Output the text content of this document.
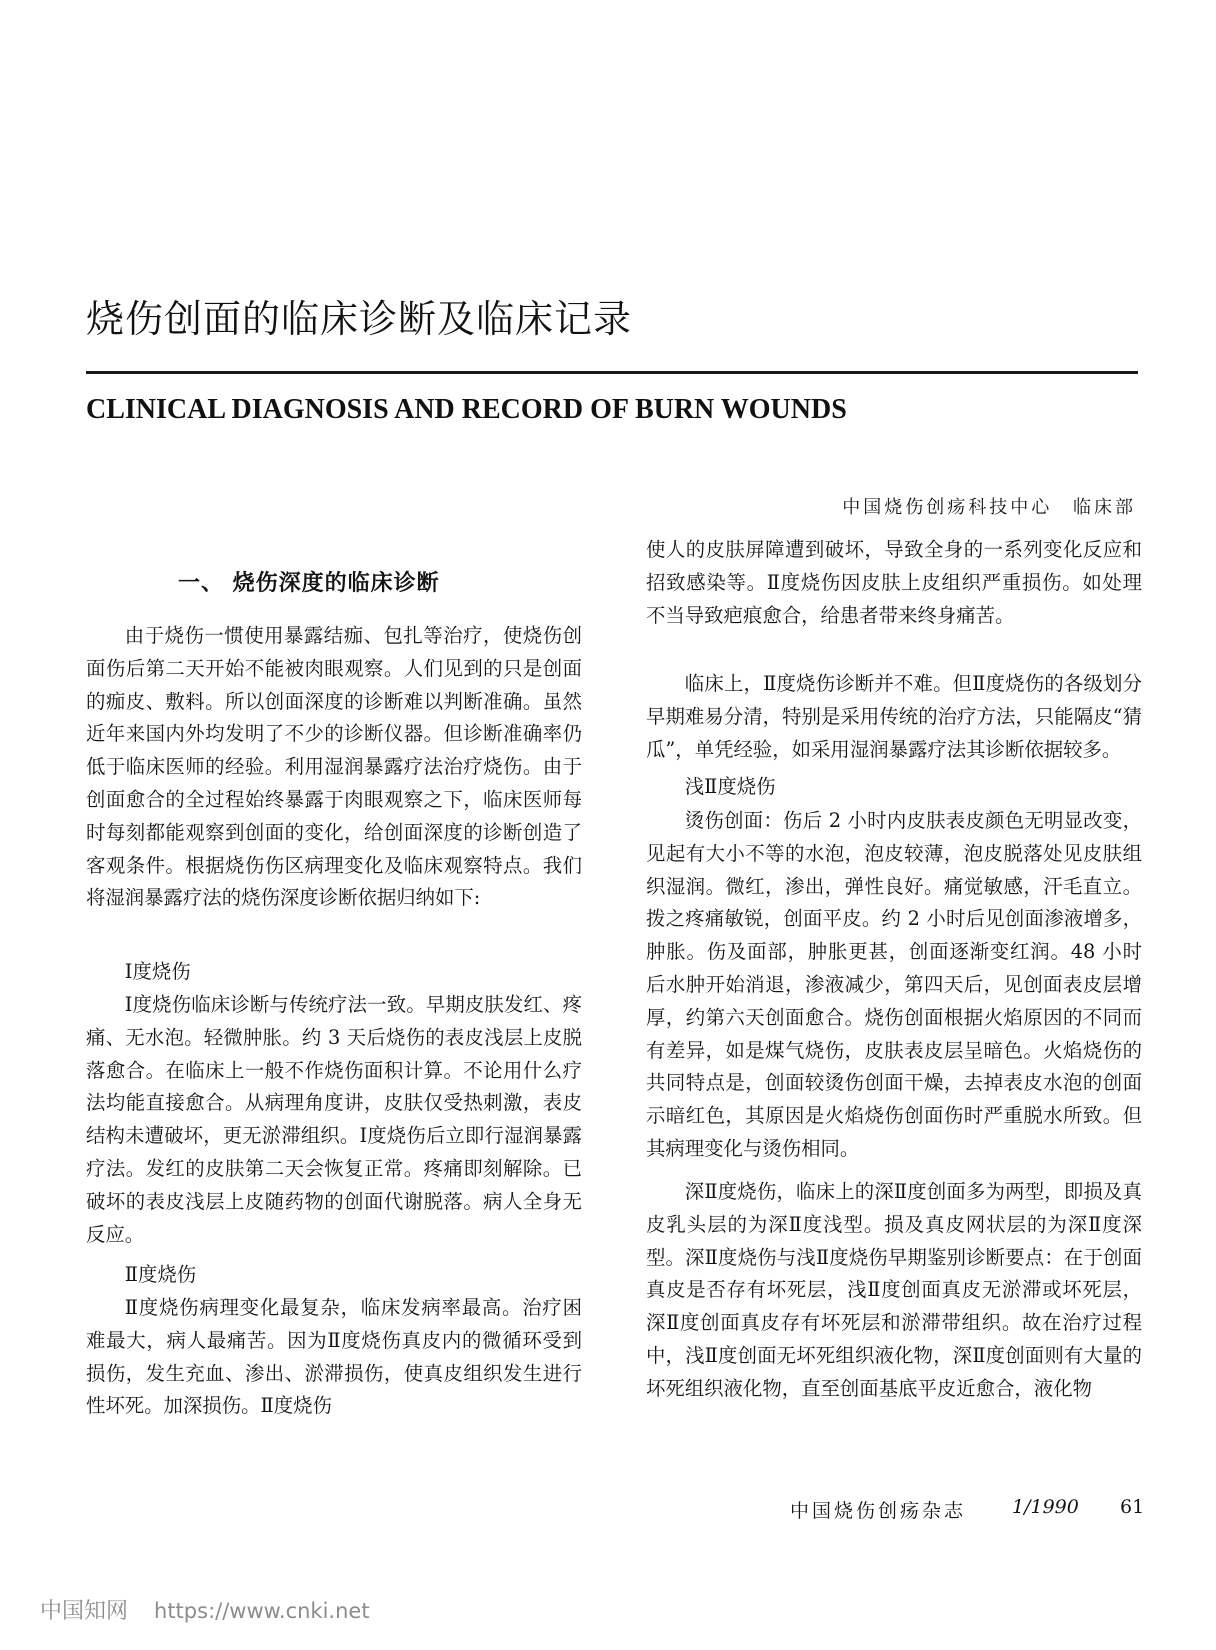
烧伤创面的临床诊断及临床记录
CLINICAL DIAGNOSIS AND RECORD OF BURN WOUNDS
中国烧伤创疡科技中心 临床部
一、 烧伤深度的临床诊断

由于烧伤一惯使用暴露结痂、包扎等治疗，使烧伤创面伤后第二天开始不能被肉眼观察。人们见到的只是创面的痂皮、敷料。所以创面深度的诊断难以判断准确。虽然近年来国内外均发明了不少的诊断仪器。但诊断准确率仍低于临床医师的经验。利用湿润暴露疗法治疗烧伤。由于创面愈合的全过程始终暴露于肉眼观察之下，临床医师每时每刻都能观察到创面的变化，给创面深度的诊断创造了客观条件。根据烧伤伤区病理变化及临床观察特点。我们将湿润暴露疗法的烧伤深度诊断依据归纳如下:

Ⅰ度烧伤

Ⅰ度烧伤临床诊断与传统疗法一致。早期皮肤发红、疼痛、无水泡。轻微肿胀。约 3 天后烧伤的表皮浅层上皮脱落愈合。在临床上一般不作烧伤面积计算。不论用什么疗法均能直接愈合。从病理角度讲，皮肤仅受热刺激，表皮结构未遭破坏，更无淤滞组织。Ⅰ度烧伤后立即行湿润暴露疗法。发红的皮肤第二天会恢复正常。疼痛即刻解除。已破坏的表皮浅层上皮随药物的创面代谢脱落。病人全身无反应。

Ⅱ度烧伤

Ⅱ度烧伤病理变化最复杂，临床发病率最高。治疗困难最大，病人最痛苦。因为Ⅱ度烧伤真皮内的微循环受到损伤，发生充血、渗出、淤滞损伤，使真皮组织发生进行性坏死。加深损伤。Ⅱ度烧伤

使人的皮肤屏障遭到破坏，导致全身的一系列变化反应和招致感染等。Ⅱ度烧伤因皮肤上皮组织严重损伤。如处理不当导致疤痕愈合，给患者带来终身痛苦。

临床上，Ⅱ度烧伤诊断并不难。但Ⅱ度烧伤的各级划分早期难易分清，特别是采用传统的治疗方法，只能隔皮“猜瓜”，单凭经验，如采用湿润暴露疗法其诊断依据较多。

浅Ⅱ度烧伤

烫伤创面：伤后 2 小时内皮肤表皮颜色无明显改变，见起有大小不等的水泡，泡皮较薄，泡皮脱落处见皮肤组织湿润。微红，渗出，弹性良好。痛觉敏感，汗毛直立。拨之疼痛敏锐，创面平皮。约 2 小时后见创面渗液增多，肿胀。伤及面部，肿胀更甚，创面逐渐变红润。48 小时后水肿开始消退，渗液减少，第四天后，见创面表皮层增厚，约第六天创面愈合。烧伤创面根据火焰原因的不同而有差异，如是煤气烧伤，皮肤表皮层呈暗色。火焰烧伤的共同特点是，创面较烫伤创面干燥，去掉表皮水泡的创面示暗红色，其原因是火焰烧伤创面伤时严重脱水所致。但其病理变化与烫伤相同。

深Ⅱ度烧伤，临床上的深Ⅱ度创面多为两型，即损及真皮乳头层的为深Ⅱ度浅型。损及真皮网状层的为深Ⅱ度深型。深Ⅱ度烧伤与浅Ⅱ度烧伤早期鉴别诊断要点：在于创面真皮是否存有坏死层，浅Ⅱ度创面真皮无淤滞或坏死层，深Ⅱ度创面真皮存有坏死层和淤滞带组织。故在治疗过程中，浅Ⅱ度创面无坏死组织液化物，深Ⅱ度创面则有大量的坏死组织液化物，直至创面基底平皮近愈合，液化物

中国烧伤创疡杂志 1/1990 61
中国知网 https://www.cnki.net
